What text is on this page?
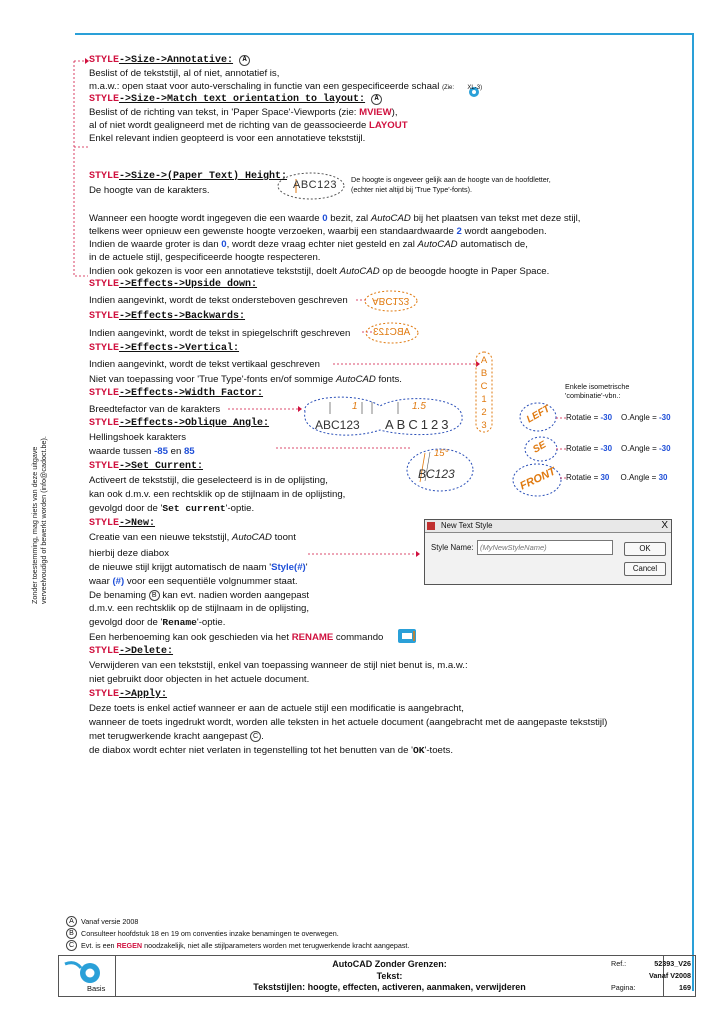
Zonder toestemming, mag niets van deze uitgave verveelvoudigd of bewerkt worden (info@cadoct.be).
ABC123
ABC123
ABC123
A
B
C
1
2
3
1	1.5
ABC123 ABC123
15°
BC123
LEFT
SE
FRONT
De hoogte is ongeveer gelijk aan de hoogte van de hoofdletter,
(echter niet altijd bij 'True Type'-fonts).
Enkele isometrische
'combinatie'-vbn.:
Rotatie = -30 O.Angle = -30
Rotatie = -30 O.Angle = -30
Rotatie = 30 O.Angle = 30
STYLE->Size->Annotative: A
Beslist of de tekststijl, al of niet, annotatief is,
m.a.w.: open staat voor auto-verschaling in functie van een gespecificeerde schaal (Zie: XL-3)
STYLE->Size->Match text orientation to layout: A
Beslist of de richting van tekst, in 'Paper Space'-Viewports (zie: MVIEW),
al of niet wordt gealigneerd met de richting van de geassocieerde LAYOUT
Enkel relevant indien geopteerd is voor een annotatieve tekststijl.
STYLE->Size->(Paper Text) Height:
De hoogte van de karakters.
Wanneer een hoogte wordt ingegeven die een waarde 0 bezit, zal AutoCAD bij het plaatsen van tekst met deze stijl,
telkens weer opnieuw een gewenste hoogte verzoeken, waarbij een standaardwaarde 2 wordt aangeboden.
Indien de waarde groter is dan 0, wordt deze vraag echter niet gesteld en zal AutoCAD automatisch de,
in de actuele stijl, gespecificeerde hoogte respecteren.
Indien ook gekozen is voor een annotatieve tekststijl, doelt AutoCAD op de beoogde hoogte in Paper Space.
STYLE->Effects->Upside down:
Indien aangevinkt, wordt de tekst ondersteboven geschreven
STYLE->Effects->Backwards:
Indien aangevinkt, wordt de tekst in spiegelschrift geschreven
STYLE->Effects->Vertical:
Indien aangevinkt, wordt de tekst vertikaal geschreven
Niet van toepassing voor 'True Type'-fonts en/of sommige AutoCAD fonts.
STYLE->Effects->Width Factor:
Breedtefactor van de karakters
STYLE->Effects->Oblique Angle:
Hellingshoek karakters
waarde tussen -85 en 85
STYLE->Set Current:
Activeert de tekststijl, die geselecteerd is in de oplijsting,
kan ook d.m.v. een rechtsklik op de stijlnaam in de oplijsting,
gevolgd door de 'Set current'-optie.
STYLE->New:
Creatie van een nieuwe tekststijl, AutoCAD toont
hierbij deze diabox
de nieuwe stijl krijgt automatisch de naam 'Style(#)'
waar (#) voor een sequentiële volgnummer staat.
De benaming B kan evt. nadien worden aangepast
d.m.v. een rechtsklik op de stijlnaam in de oplijsting,
gevolgd door de 'Rename'-optie.
Een herbenoeming kan ook geschieden via het RENAME commando
STYLE->Delete:
Verwijderen van een tekststijl, enkel van toepassing wanneer de stijl niet benut is, m.a.w.:
niet gebruikt door objecten in het actuele document.
STYLE->Apply:
Deze toets is enkel actief wanneer er aan de actuele stijl een modificatie is aangebracht,
wanneer de toets ingedrukt wordt, worden alle teksten in het actuele document (aangebracht met de aangepaste tekststijl)
met terugwerkende kracht aangepast C .
de diabox wordt echter niet verlaten in tegenstelling tot het benutten van de 'OK'-toets.
New Text Style	X
Style Name:
(MyNewStyleName)	OK
Cancel
A Vanaf versie 2008
B Consulteer hoofdstuk 18 en 19 om conventies inzake benamingen te overwegen.
C Evt. is een REGEN noodzakelijk, niet alle stijlparameters worden met terugwerkende kracht aangepast.
Basis
AutoCAD Zonder Grenzen:
Tekst:
Tekststijlen: hoogte, effecten, activeren, aanmaken, verwijderen
Ref.:	52393_V26
Vanaf V2008
Pagina:	169
